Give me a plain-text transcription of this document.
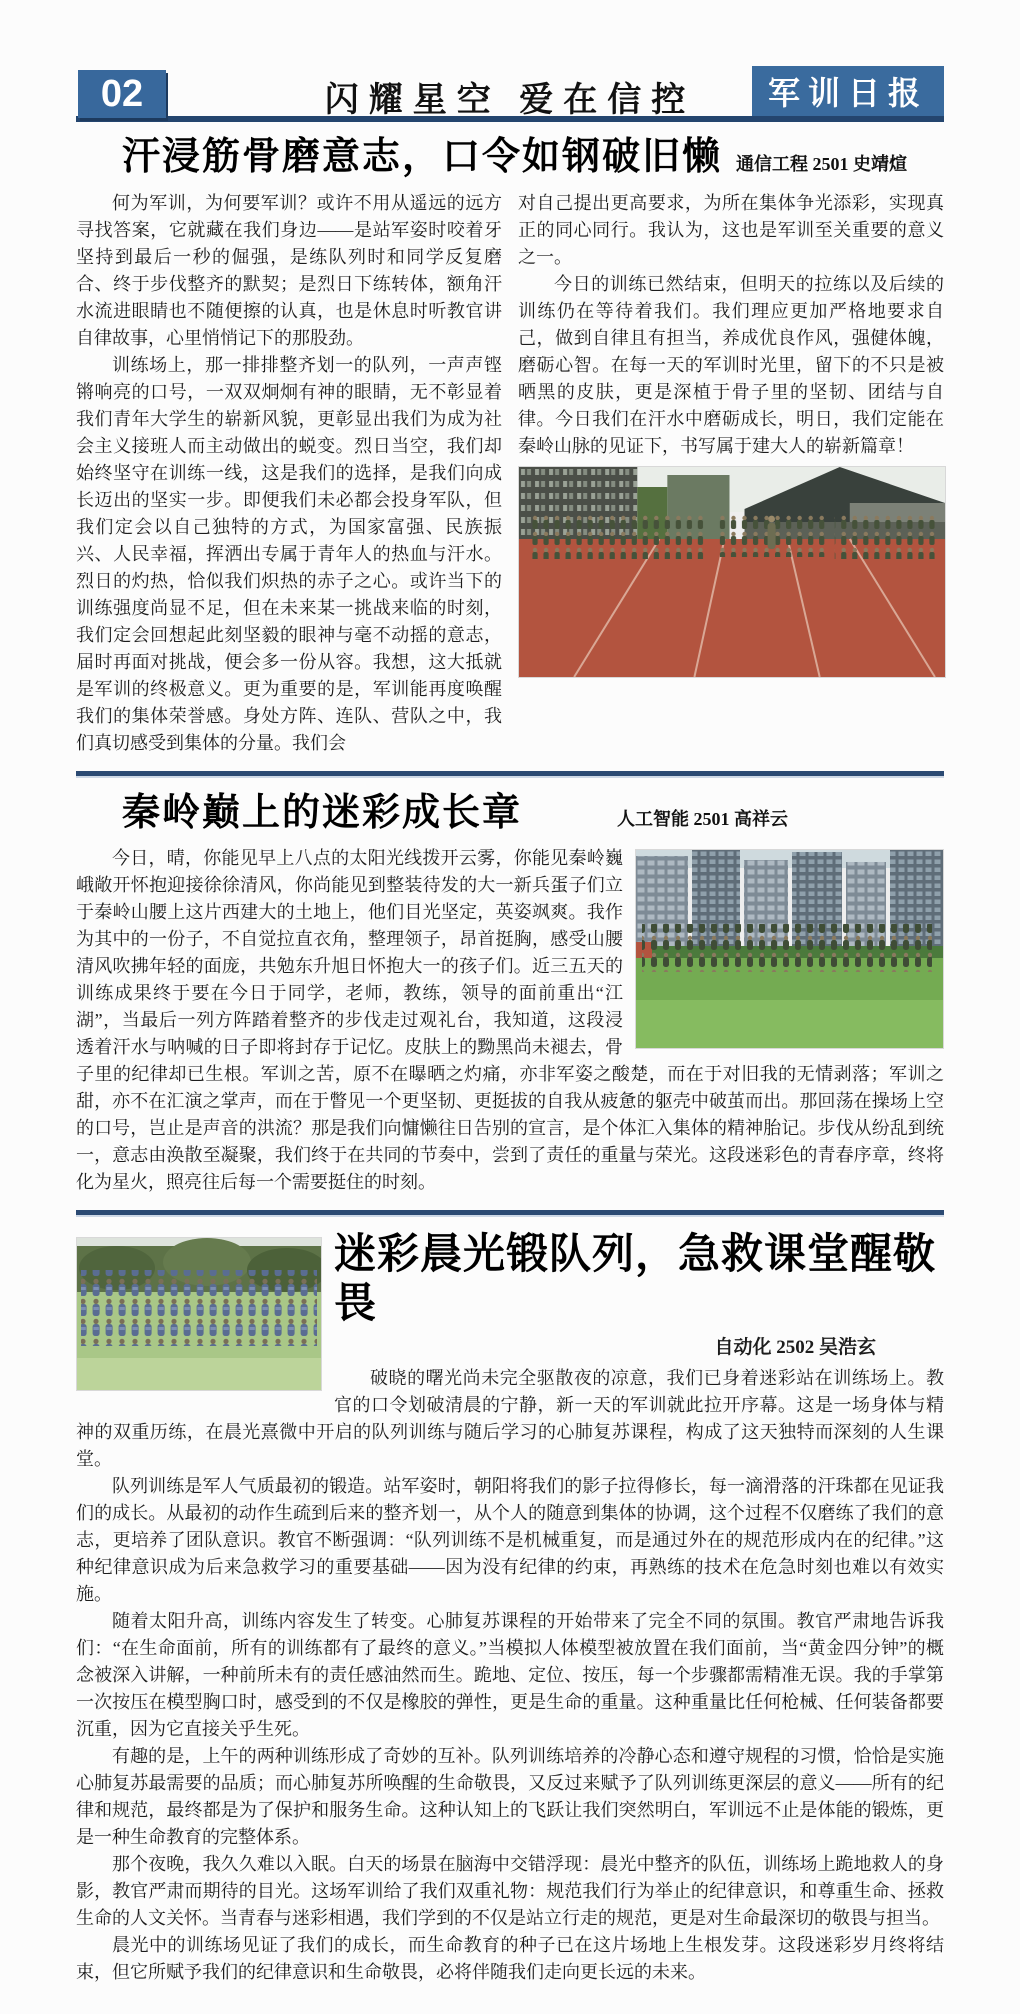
02	闪耀星空 爱在信控	军训日报
汗浸筋骨磨意志，口令如钢破旧懒 通信工程 2501 史靖煊

何为军训，为何要军训？或许不用从遥远的远方寻找答案，它就藏在我们身边——是站军姿时咬着牙坚持到最后一秒的倔强，是练队列时和同学反复磨合、终于步伐整齐的默契；是烈日下练转体，额角汗水流进眼睛也不随便擦的认真，也是休息时听教官讲自律故事，心里悄悄记下的那股劲。

训练场上，那一排排整齐划一的队列，一声声铿锵响亮的口号，一双双炯炯有神的眼睛，无不彰显着我们青年大学生的崭新风貌，更彰显出我们为成为社会主义接班人而主动做出的蜕变。烈日当空，我们却始终坚守在训练一线，这是我们的选择，是我们向成长迈出的坚实一步。即便我们未必都会投身军队，但我们定会以自己独特的方式，为国家富强、民族振兴、人民幸福，挥洒出专属于青年人的热血与汗水。烈日的灼热，恰似我们炽热的赤子之心。或许当下的训练强度尚显不足，但在未来某一挑战来临的时刻，我们定会回想起此刻坚毅的眼神与毫不动摇的意志，届时再面对挑战，便会多一份从容。我想，这大抵就是军训的终极意义。更为重要的是，军训能再度唤醒我们的集体荣誉感。身处方阵、连队、营队之中，我们真切感受到集体的分量。我们会

对自己提出更高要求，为所在集体争光添彩，实现真正的同心同行。我认为，这也是军训至关重要的意义之一。

今日的训练已然结束，但明天的拉练以及后续的训练仍在等待着我们。我们理应更加严格地要求自己，做到自律且有担当，养成优良作风，强健体魄，磨砺心智。在每一天的军训时光里，留下的不只是被晒黑的皮肤，更是深植于骨子里的坚韧、团结与自律。今日我们在汗水中磨砺成长，明日，我们定能在秦岭山脉的见证下，书写属于建大人的崭新篇章！

秦岭巅上的迷彩成长章	人工智能 2501 高祥云

今日，晴，你能见早上八点的太阳光线拨开云雾，你能见秦岭巍峨敞开怀抱迎接徐徐清风，你尚能见到整装待发的大一新兵蛋子们立于秦岭山腰上这片西建大的土地上，他们目光坚定，英姿飒爽。我作为其中的一份子，不自觉拉直衣角，整理领子，昂首挺胸，感受山腰清风吹拂年轻的面庞，共勉东升旭日怀抱大一的孩子们。近三五天的训练成果终于要在今日于同学，老师，教练，领导的面前重出“江湖”，当最后一列方阵踏着整齐的步伐走过观礼台，我知道，这段浸透着汗水与呐喊的日子即将封存于记忆。皮肤上的黝黑尚未褪去，骨子里的纪律却已生根。军训之苦，原不在曝晒之灼痛，亦非军姿之酸楚，而在于对旧我的无情剥落；军训之甜，亦不在汇演之掌声，而在于瞥见一个更坚韧、更挺拔的自我从疲惫的躯壳中破茧而出。那回荡在操场上空的口号，岂止是声音的洪流？那是我们向慵懒往日告别的宣言，是个体汇入集体的精神胎记。步伐从纷乱到统一，意志由涣散至凝聚，我们终于在共同的节奏中，尝到了责任的重量与荣光。这段迷彩色的青春序章，终将化为星火，照亮往后每一个需要挺住的时刻。

迷彩晨光锻队列，急救课堂醒敬畏
自动化 2502 吴浩玄

破晓的曙光尚未完全驱散夜的凉意，我们已身着迷彩站在训练场上。教官的口令划破清晨的宁静，新一天的军训就此拉开序幕。这是一场身体与精神的双重历练，在晨光熹微中开启的队列训练与随后学习的心肺复苏课程，构成了这天独特而深刻的人生课堂。

队列训练是军人气质最初的锻造。站军姿时，朝阳将我们的影子拉得修长，每一滴滑落的汗珠都在见证我们的成长。从最初的动作生疏到后来的整齐划一，从个人的随意到集体的协调，这个过程不仅磨练了我们的意志，更培养了团队意识。教官不断强调：“队列训练不是机械重复，而是通过外在的规范形成内在的纪律。”这种纪律意识成为后来急救学习的重要基础——因为没有纪律的约束，再熟练的技术在危急时刻也难以有效实施。

随着太阳升高，训练内容发生了转变。心肺复苏课程的开始带来了完全不同的氛围。教官严肃地告诉我们：“在生命面前，所有的训练都有了最终的意义。”当模拟人体模型被放置在我们面前，当“黄金四分钟”的概念被深入讲解，一种前所未有的责任感油然而生。跪地、定位、按压，每一个步骤都需精准无误。我的手掌第一次按压在模型胸口时，感受到的不仅是橡胶的弹性，更是生命的重量。这种重量比任何枪械、任何装备都要沉重，因为它直接关乎生死。

有趣的是，上午的两种训练形成了奇妙的互补。队列训练培养的冷静心态和遵守规程的习惯，恰恰是实施心肺复苏最需要的品质；而心肺复苏所唤醒的生命敬畏，又反过来赋予了队列训练更深层的意义——所有的纪律和规范，最终都是为了保护和服务生命。这种认知上的飞跃让我们突然明白，军训远不止是体能的锻炼，更是一种生命教育的完整体系。

那个夜晚，我久久难以入眠。白天的场景在脑海中交错浮现：晨光中整齐的队伍，训练场上跪地救人的身影，教官严肃而期待的目光。这场军训给了我们双重礼物：规范我们行为举止的纪律意识，和尊重生命、拯救生命的人文关怀。当青春与迷彩相遇，我们学到的不仅是站立行走的规范，更是对生命最深切的敬畏与担当。

晨光中的训练场见证了我们的成长，而生命教育的种子已在这片场地上生根发芽。这段迷彩岁月终将结束，但它所赋予我们的纪律意识和生命敬畏，必将伴随我们走向更长远的未来。
